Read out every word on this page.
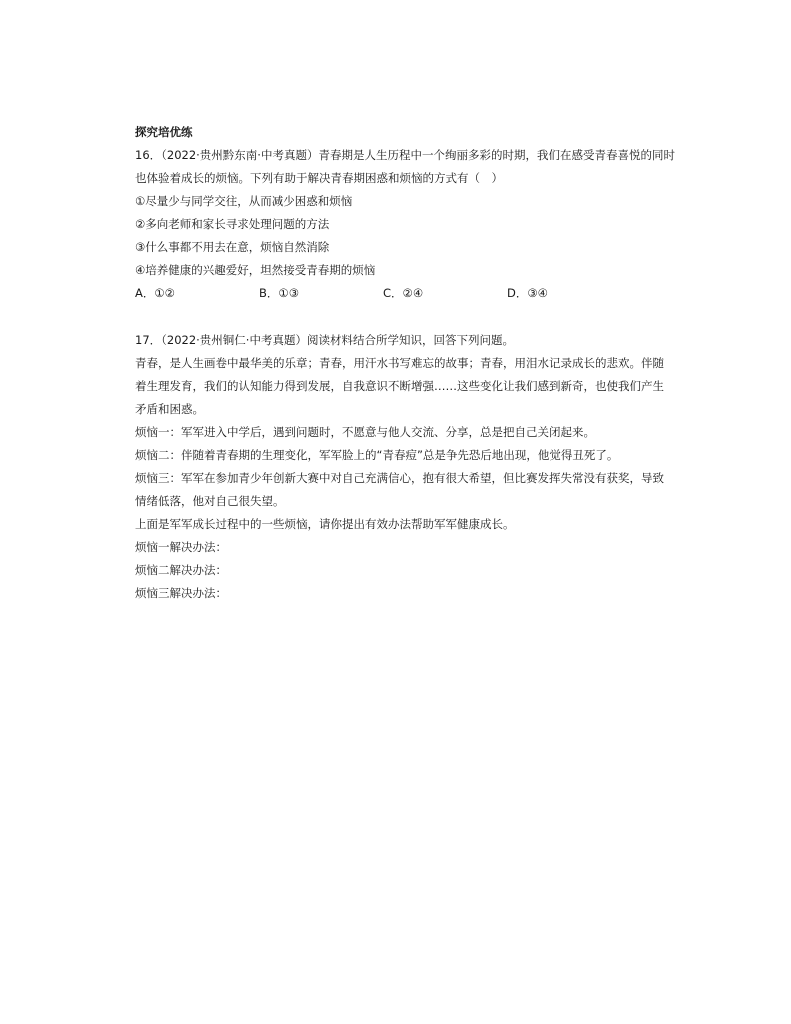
探究培优练
16．（2022·贵州黔东南·中考真题）青春期是人生历程中一个绚丽多彩的时期，我们在感受青春喜悦的同时
也体验着成长的烦恼。下列有助于解决青春期困惑和烦恼的方式有（　）
①尽量少与同学交往，从而减少困惑和烦恼
②多向老师和家长寻求处理问题的方法
③什么事都不用去在意，烦恼自然消除
④培养健康的兴趣爱好，坦然接受青春期的烦恼
A．①②	B．①③	C．②④	D．③④
17．（2022·贵州铜仁·中考真题）阅读材料结合所学知识，回答下列问题。
青春，是人生画卷中最华美的乐章；青春，用汗水书写难忘的故事；青春，用泪水记录成长的悲欢。伴随
着生理发育，我们的认知能力得到发展，自我意识不断增强……这些变化让我们感到新奇，也使我们产生
矛盾和困惑。
烦恼一：军军进入中学后，遇到问题时，不愿意与他人交流、分享，总是把自己关闭起来。
烦恼二：伴随着青春期的生理变化，军军脸上的“青春痘”总是争先恐后地出现，他觉得丑死了。
烦恼三：军军在参加青少年创新大赛中对自己充满信心，抱有很大希望，但比赛发挥失常没有获奖，导致
情绪低落，他对自己很失望。
上面是军军成长过程中的一些烦恼，请你提出有效办法帮助军军健康成长。
烦恼一解决办法：
烦恼二解决办法：
烦恼三解决办法：
